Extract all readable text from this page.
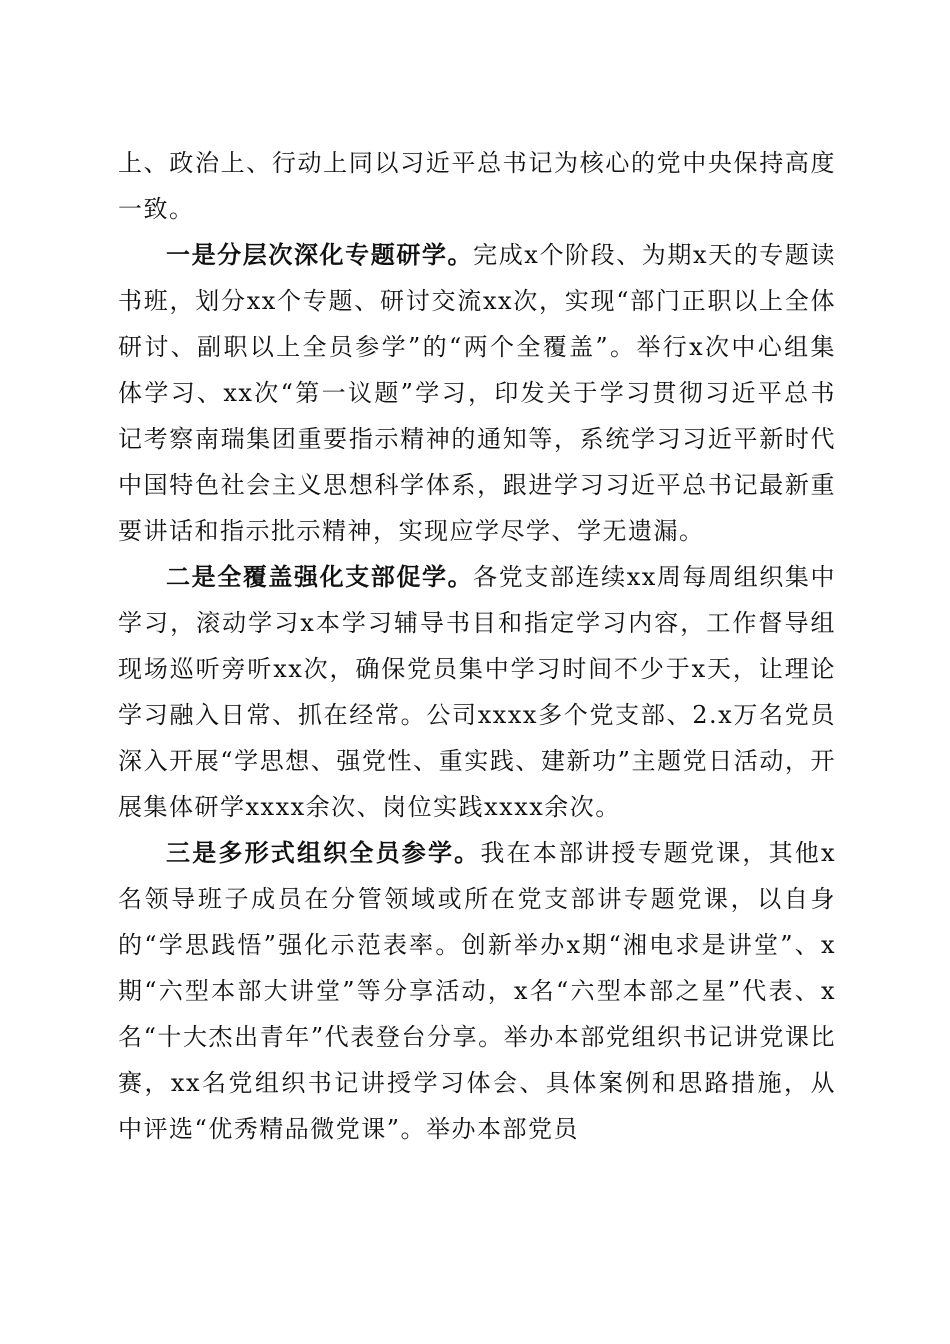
上、政治上、行动上同以习近平总书记为核心的党中央保持高度一致。

一是分层次深化专题研学。完成x个阶段、为期x天的专题读书班，划分xx个专题、研讨交流xx次，实现“部门正职以上全体研讨、副职以上全员参学”的“两个全覆盖”。举行x次中心组集体学习、xx次“第一议题”学习，印发关于学习贯彻习近平总书记考察南瑞集团重要指示精神的通知等，系统学习习近平新时代中国特色社会主义思想科学体系，跟进学习习近平总书记最新重要讲话和指示批示精神，实现应学尽学、学无遗漏。

二是全覆盖强化支部促学。各党支部连续xx周每周组织集中学习，滚动学习x本学习辅导书目和指定学习内容，工作督导组现场巡听旁听xx次，确保党员集中学习时间不少于x天，让理论学习融入日常、抓在经常。公司xxxx多个党支部、2.x万名党员深入开展“学思想、强党性、重实践、建新功”主题党日活动，开展集体研学xxxx余次、岗位实践xxxx余次。

三是多形式组织全员参学。我在本部讲授专题党课，其他x名领导班子成员在分管领域或所在党支部讲专题党课，以自身的“学思践悟”强化示范表率。创新举办x期“湘电求是讲堂”、x期“六型本部大讲堂”等分享活动，x名“六型本部之星”代表、x名“十大杰出青年”代表登台分享。举办本部党组织书记讲党课比赛，xx名党组织书记讲授学习体会、具体案例和思路措施，从中评选“优秀精品微党课”。举办本部党员
